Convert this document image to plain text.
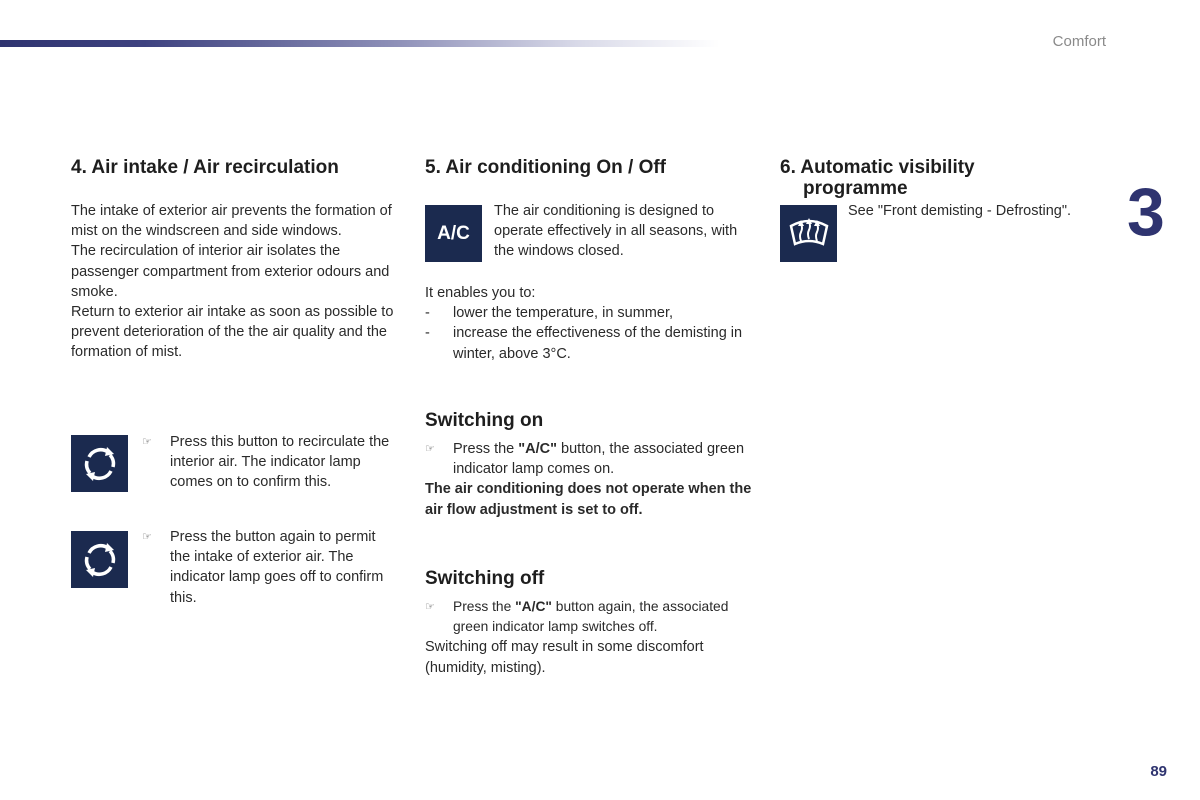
Comfort
3
89
4. Air intake / Air recirculation

The intake of exterior air prevents the formation of mist on the windscreen and side windows.

The recirculation of interior air isolates the passenger compartment from exterior odours and smoke.

Return to exterior air intake as soon as possible to prevent deterioration of the the air quality and the formation of mist.

☞ Press this button to recirculate the interior air. The indicator lamp comes on to confirm this.
☞ Press the button again to permit the intake of exterior air. The indicator lamp goes off to confirm this.
5. Air conditioning On / Off
A/C

The air conditioning is designed to operate effectively in all seasons, with the windows closed.

It enables you to:

- lower the temperature, in summer,
- increase the effectiveness of the demisting in winter, above 3°C.
Switching on
☞ Press the "A/C" button, the associated green indicator lamp comes on.

The air conditioning does not operate when the air flow adjustment is set to off.

Switching off
☞ Press the "A/C" button again, the associated green indicator lamp switches off.

Switching off may result in some discomfort (humidity, misting).

6. Automatic visibility
programme

See "Front demisting - Defrosting".
